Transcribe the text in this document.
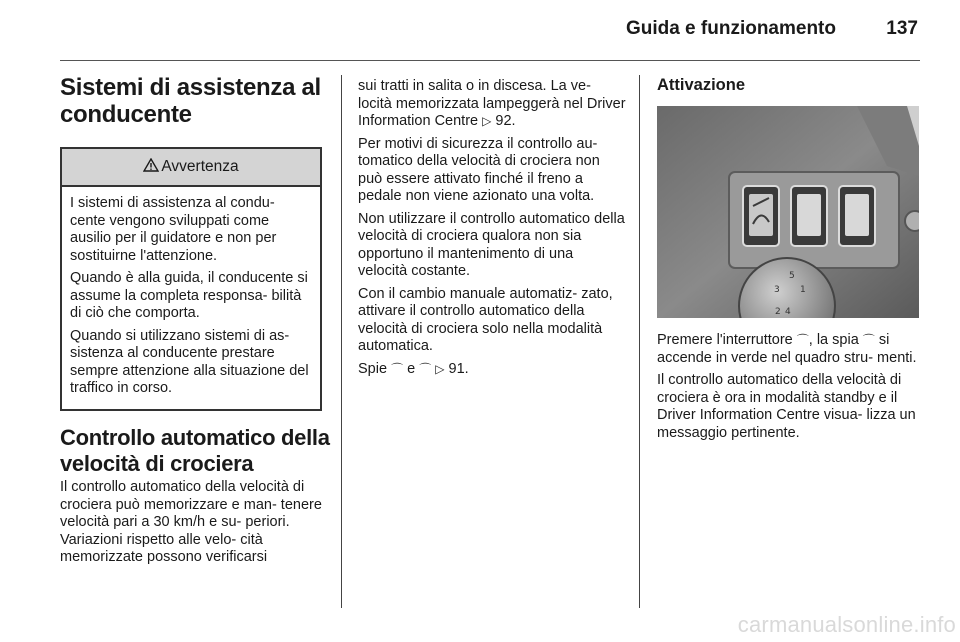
Guida e funzionamento	137
Sistemi di assistenza al conducente
Avvertenza

I sistemi di assistenza al condu- cente vengono sviluppati come ausilio per il guidatore e non per sostituirne l'attenzione.

Quando è alla guida, il conducente si assume la completa responsa- bilità di ciò che comporta.

Quando si utilizzano sistemi di as- sistenza al conducente prestare sempre attenzione alla situazione del traffico in corso.

Controllo automatico della velocità di crociera

Il controllo automatico della velocità di crociera può memorizzare e man- tenere velocità pari a 30 km/h e su- periori. Variazioni rispetto alle velo- cità memorizzate possono verificarsi

sui tratti in salita o in discesa. La ve- locità memorizzata lampeggerà nel Driver Information Centre ▷ 92.

Per motivi di sicurezza il controllo au- tomatico della velocità di crociera non può essere attivato finché il freno a pedale non viene azionato una volta.

Non utilizzare il controllo automatico della velocità di crociera qualora non sia opportuno il mantenimento di una velocità costante.

Con il cambio manuale automatiz- zato, attivare il controllo automatico della velocità di crociera solo nella modalità automatica.

Spie ⌒ e ⌒ ▷ 91.

Attivazione
5
3 1
2 4

Premere l'interruttore ⌒, la spia ⌒ si accende in verde nel quadro stru- menti.

Il controllo automatico della velocità di crociera è ora in modalità standby e il Driver Information Centre visua- lizza un messaggio pertinente.

carmanualsonline.info
